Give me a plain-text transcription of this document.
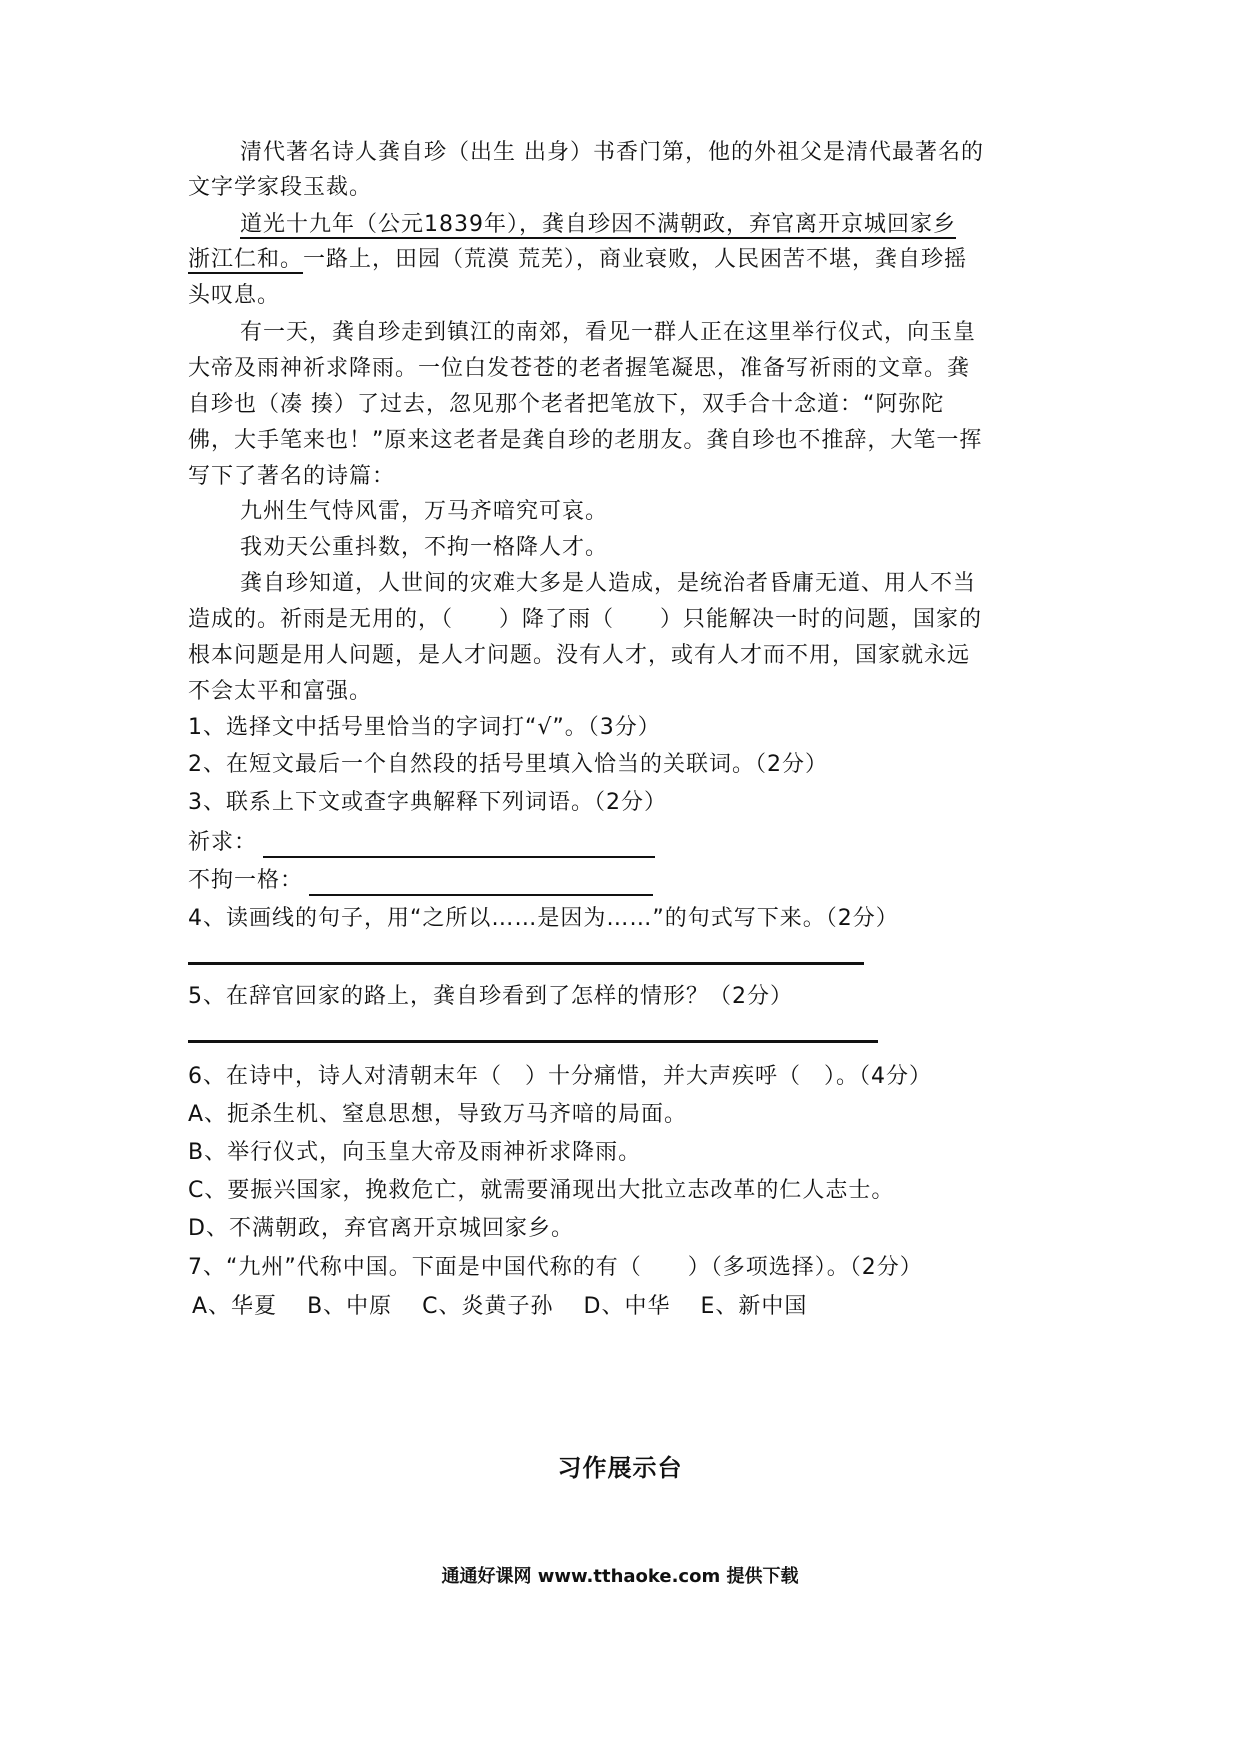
清代著名诗人龚自珍（出生 出身）书香门第，他的外祖父是清代最著名的
文字学家段玉裁。
道光十九年（公元1839年），龚自珍因不满朝政，弃官离开京城回家乡
浙江仁和。一路上，田园（荒漠 荒芜），商业衰败，人民困苦不堪，龚自珍摇
头叹息。
有一天，龚自珍走到镇江的南郊，看见一群人正在这里举行仪式，向玉皇
大帝及雨神祈求降雨。一位白发苍苍的老者握笔凝思，准备写祈雨的文章。龚
自珍也（凑 揍）了过去，忽见那个老者把笔放下，双手合十念道：“阿弥陀
佛，大手笔来也！”原来这老者是龚自珍的老朋友。龚自珍也不推辞，大笔一挥
写下了著名的诗篇：
九州生气恃风雷，万马齐喑究可哀。
我劝天公重抖数，不拘一格降人才。
龚自珍知道，人世间的灾难大多是人造成，是统治者昏庸无道、用人不当
造成的。祈雨是无用的，（　　）降了雨（　　）只能解决一时的问题，国家的
根本问题是用人问题，是人才问题。没有人才，或有人才而不用，国家就永远
不会太平和富强。
1、选择文中括号里恰当的字词打“√”。（3分）
2、在短文最后一个自然段的括号里填入恰当的关联词。（2分）
3、联系上下文或查字典解释下列词语。（2分）
祈求：
不拘一格：
4、读画线的句子，用“之所以……是因为……”的句式写下来。（2分）
5、在辞官回家的路上，龚自珍看到了怎样的情形？（2分）
6、在诗中，诗人对清朝末年（　）十分痛惜，并大声疾呼（　）。（4分）
A、扼杀生机、窒息思想，导致万马齐喑的局面。
B、举行仪式，向玉皇大帝及雨神祈求降雨。
C、要振兴国家，挽救危亡，就需要涌现出大批立志改革的仁人志士。
D、不满朝政，弃官离开京城回家乡。
7、“九州”代称中国。下面是中国代称的有（　　）（多项选择）。（2分）
A、华夏 B、中原 C、炎黄子孙 D、中华 E、新中国
习作展示台
通通好课网 www.tthaoke.com 提供下载
